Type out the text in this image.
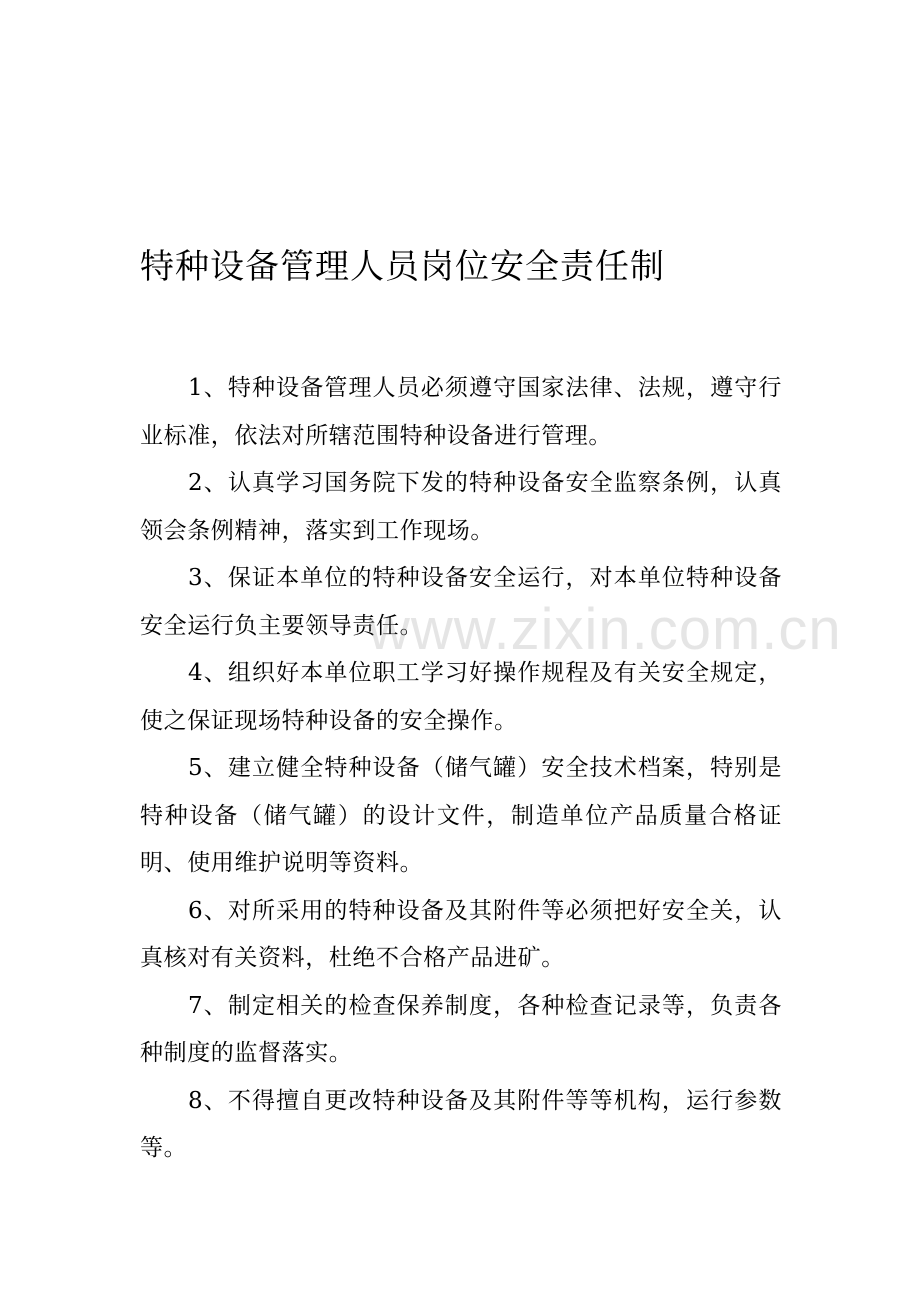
特种设备管理人员岗位安全责任制

1、特种设备管理人员必须遵守国家法律、法规，遵守行业标准，依法对所辖范围特种设备进行管理。

2、认真学习国务院下发的特种设备安全监察条例，认真领会条例精神，落实到工作现场。

3、保证本单位的特种设备安全运行，对本单位特种设备安全运行负主要领导责任。

4、组织好本单位职工学习好操作规程及有关安全规定，使之保证现场特种设备的安全操作。

5、建立健全特种设备（储气罐）安全技术档案，特别是特种设备（储气罐）的设计文件，制造单位产品质量合格证明、使用维护说明等资料。

6、对所采用的特种设备及其附件等必须把好安全关，认真核对有关资料，杜绝不合格产品进矿。

7、制定相关的检查保养制度，各种检查记录等，负责各种制度的监督落实。

8、不得擅自更改特种设备及其附件等等机构，运行参数等。

www.zixin.com.cn
